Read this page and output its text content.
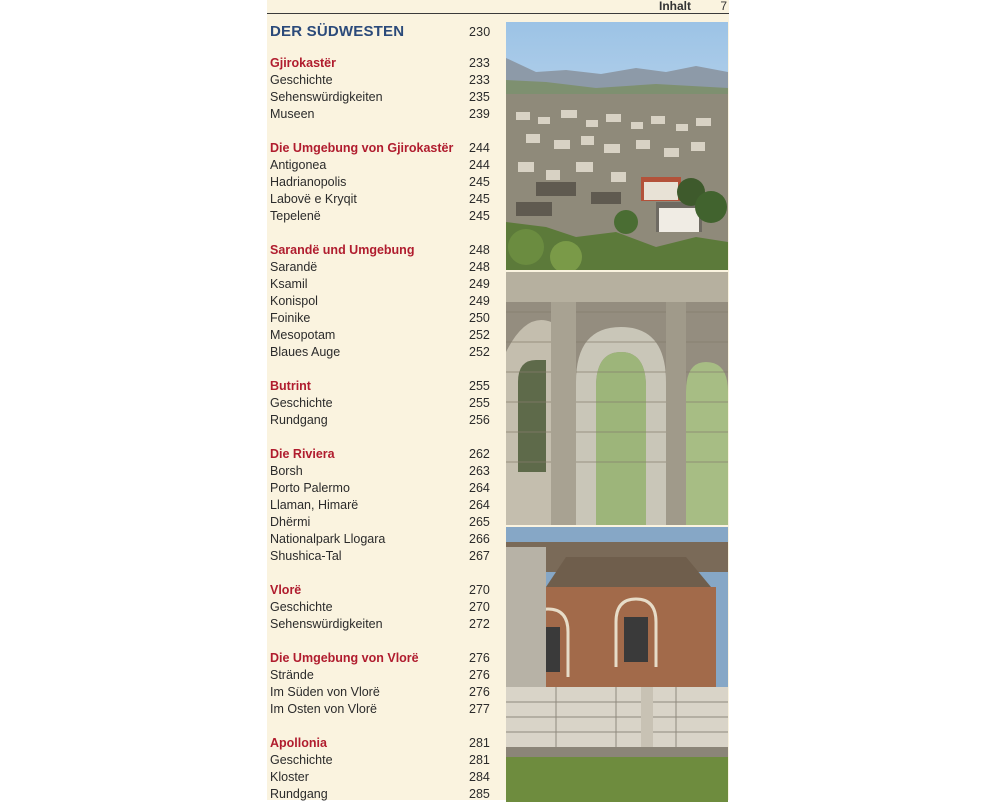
Inhalt 7
DER SÜDWESTEN	230
Gjirokastër	233
Geschichte	233
Sehenswürdigkeiten	235
Museen	239
Die Umgebung von Gjirokastër 244
Antigonea	244
Hadrianopolis	245
Labovë e Kryqit	245
Tepelenë	245
Sarandë und Umgebung	248
Sarandë	248
Ksamil	249
Konispol	249
Foinike	250
Mesopotam	252
Blaues Auge	252
Butrint	255
Geschichte	255
Rundgang	256
Die Riviera	262
Borsh	263
Porto Palermo	264
Llaman, Himarë	264
Dhërmi	265
Nationalpark Llogara	266
Shushica-Tal	267
Vlorë	270
Geschichte	270
Sehenswürdigkeiten	272
Die Umgebung von Vlorë	276
Strände	276
Im Süden von Vlorë	276
Im Osten von Vlorë	277
Apollonia	281
Geschichte	281
Kloster	284
Rundgang	285
